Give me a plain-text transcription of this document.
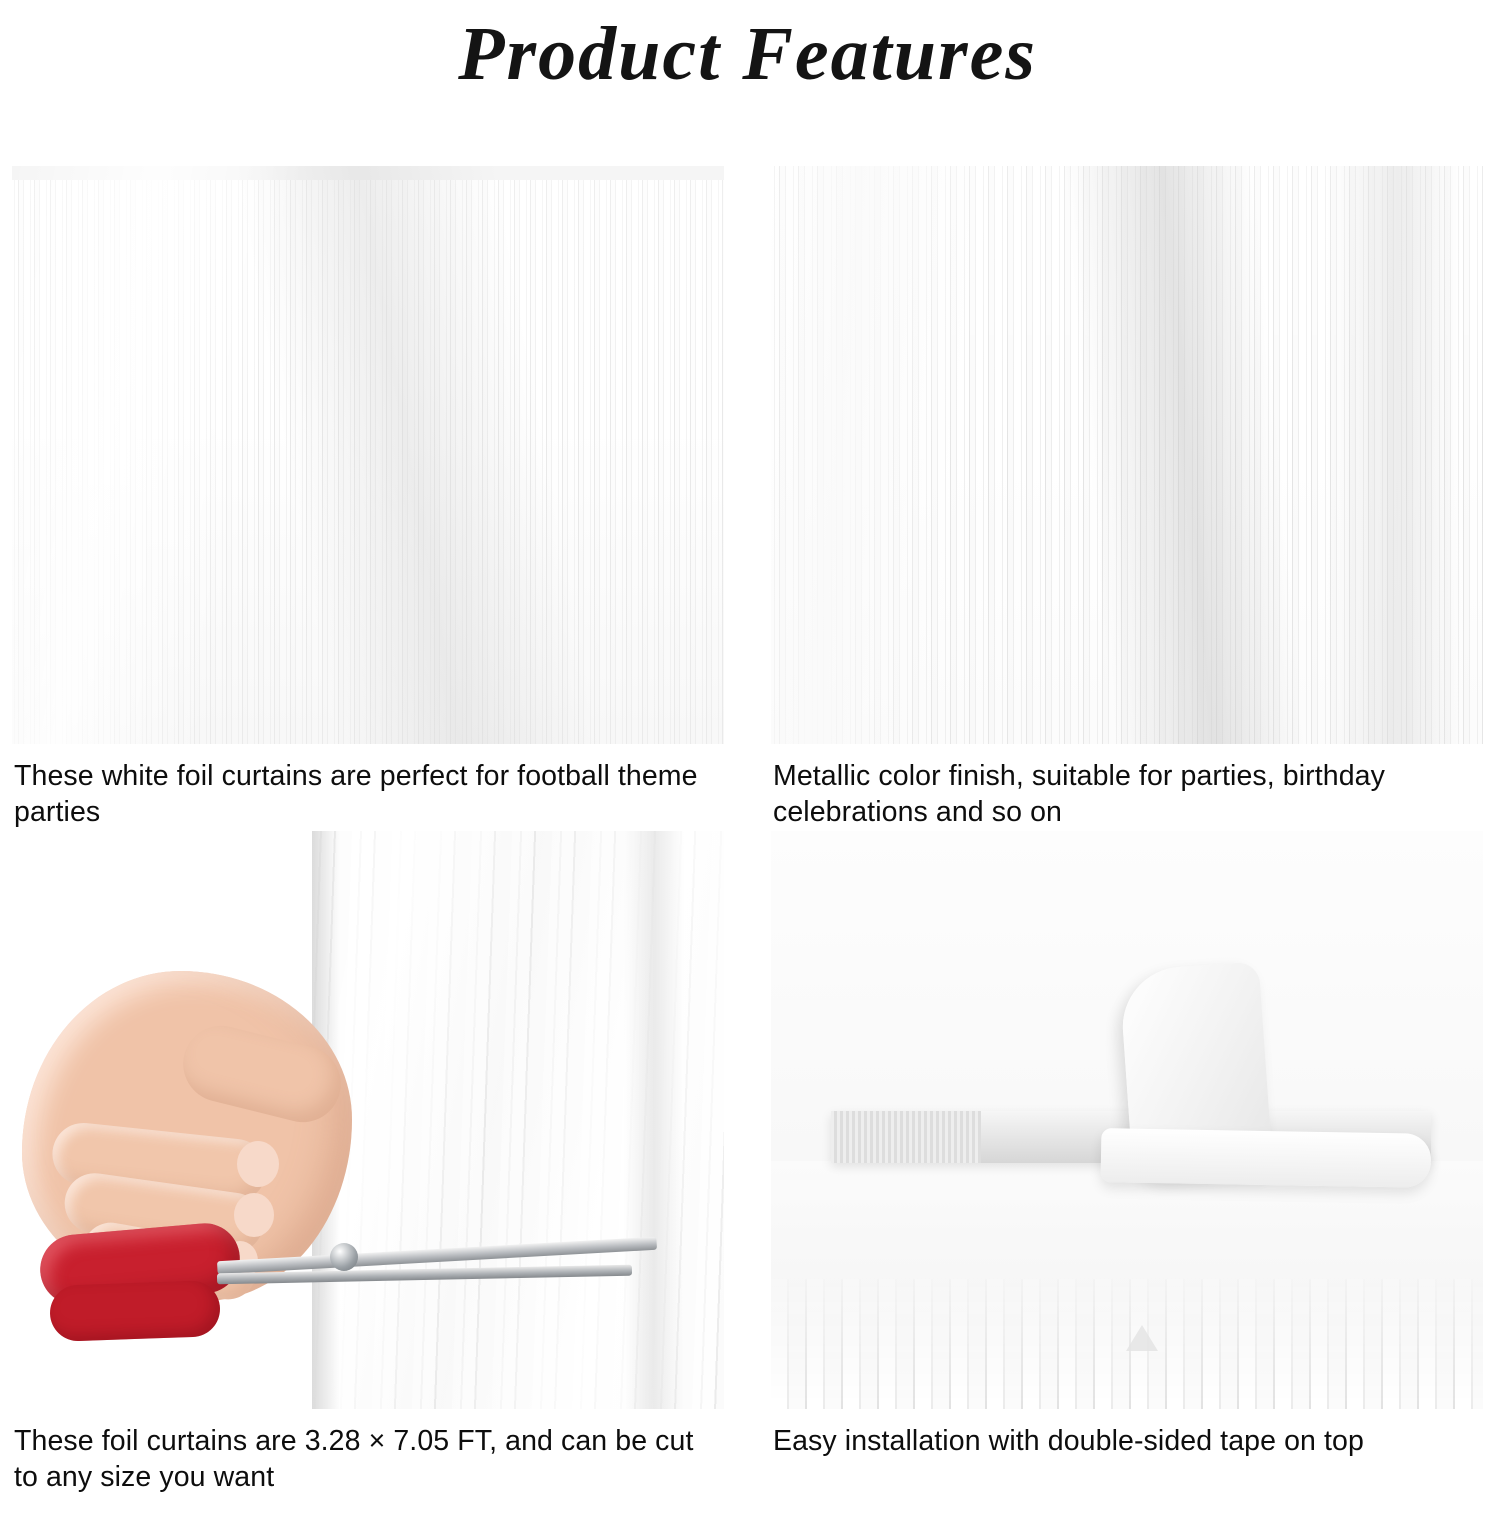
Product Features
These white foil curtains are perfect for football theme parties
Metallic color finish, suitable for parties, birthday celebrations and so on
These foil curtains are 3.28 × 7.05 FT, and can be cut to any size you want
Easy installation with double-sided tape on top
